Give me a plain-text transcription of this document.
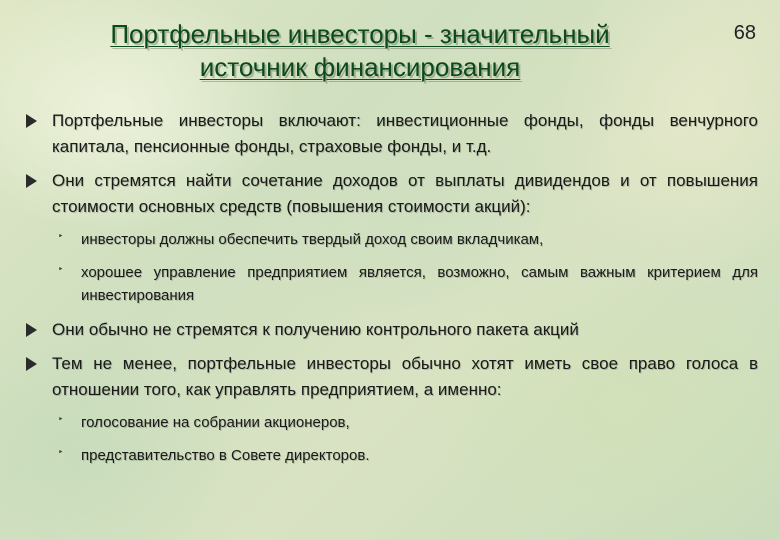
68
Портфельные инвесторы - значительный
источник финансирования
Портфельные инвесторы включают: инвестиционные фонды, фонды венчурного капитала, пенсионные фонды, страховые фонды, и т.д.
Они стремятся найти сочетание доходов от выплаты дивидендов и от повышения стоимости основных средств (повышения стоимости акций):
‣	инвесторы должны обеспечить твердый доход своим вкладчикам,
‣	хорошее управление предприятием является, возможно, самым важным критерием для инвестирования
Они обычно не стремятся к получению контрольного пакета акций
Тем не менее, портфельные инвесторы обычно хотят иметь свое право голоса в отношении того, как управлять предприятием, а именно:
‣	голосование на собрании акционеров,
‣	представительство в Совете директоров.
